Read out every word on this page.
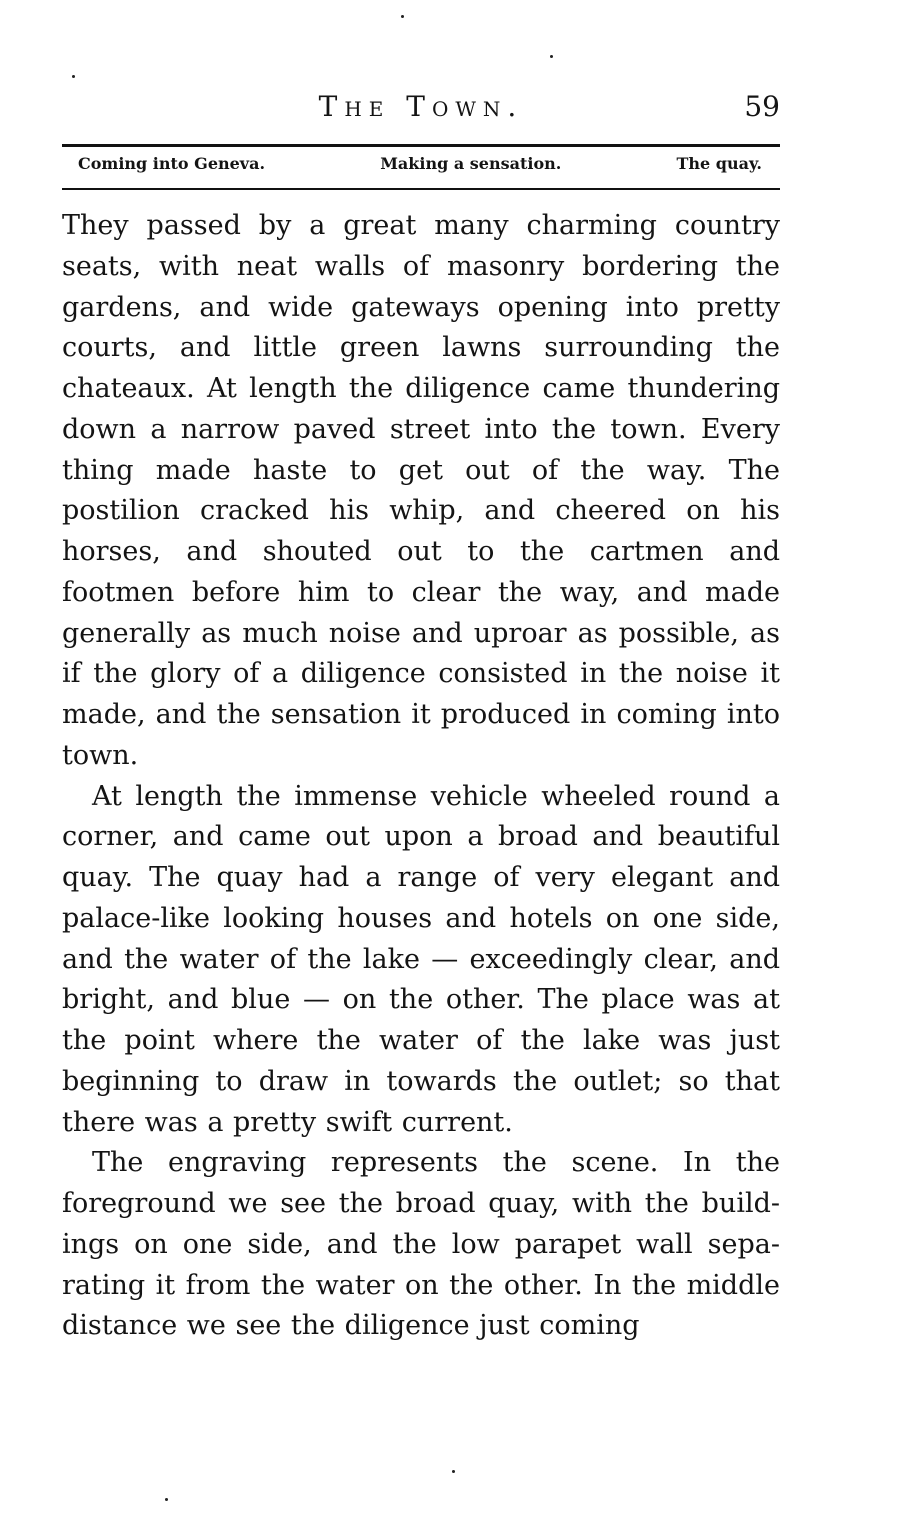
The Town.	59
Coming into Geneva.	Making a sensation.	The quay.

They passed by a great many charming country seats, with neat walls of masonry bordering the gardens, and wide gateways opening into pretty courts, and little green lawns surrounding the chateaux. At length the diligence came thundering down a narrow paved street into the town. Every thing made haste to get out of the way. The postilion cracked his whip, and cheered on his horses, and shouted out to the cartmen and footmen before him to clear the way, and made generally as much noise and uproar as possible, as if the glory of a diligence consisted in the noise it made, and the sensation it produced in coming into town.

At length the immense vehicle wheeled round a corner, and came out upon a broad and beautiful quay. The quay had a range of very elegant and palace-like looking houses and hotels on one side, and the water of the lake — exceedingly clear, and bright, and blue — on the other. The place was at the point where the water of the lake was just beginning to draw in towards the outlet; so that there was a pretty swift current.

The engraving represents the scene. In the foreground we see the broad quay, with the buildings on one side, and the low parapet wall separating it from the water on the other. In the middle distance we see the diligence just coming
